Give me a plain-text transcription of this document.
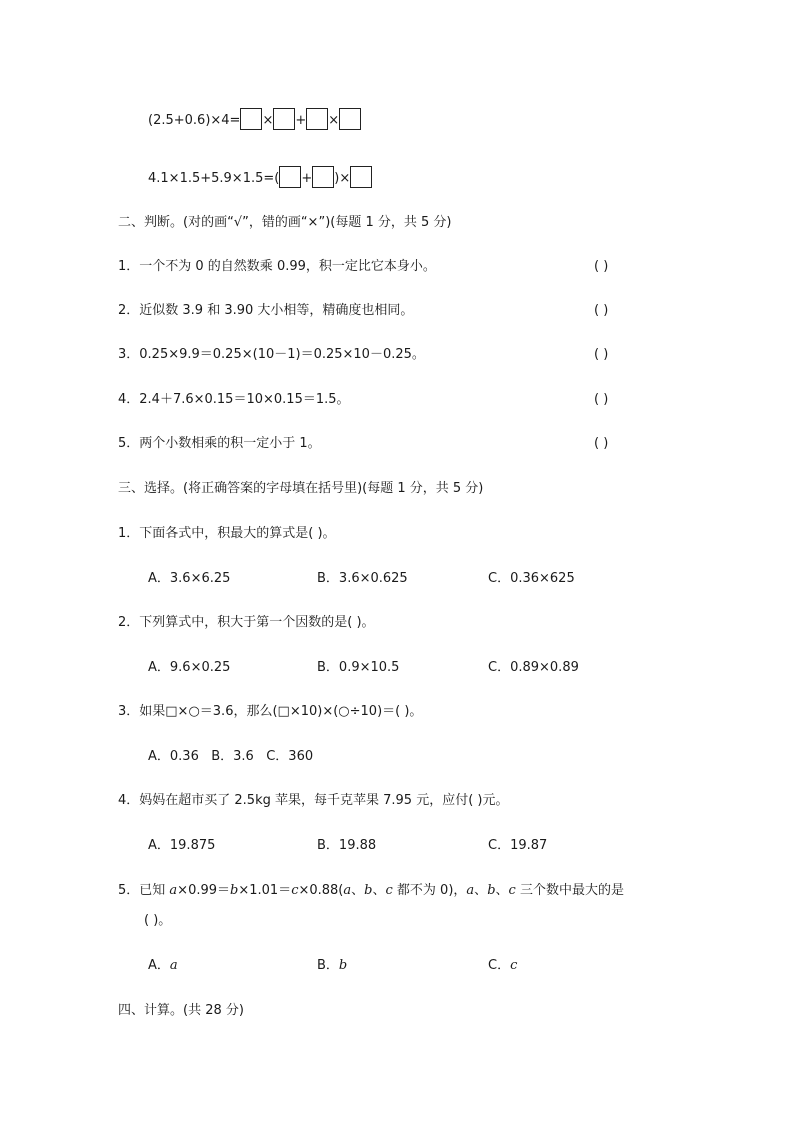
(2.5+0.6)×4= × + ×
4.1×1.5+5.9×1.5=( + )×
二、判断。(对的画“√”，错的画“×”)(每题 1 分，共 5 分)
1．一个不为 0 的自然数乘 0.99，积一定比它本身小。	( )
2．近似数 3.9 和 3.90 大小相等，精确度也相同。	( )
3．0.25×9.9＝0.25×(10－1)＝0.25×10－0.25。	( )
4．2.4＋7.6×0.15＝10×0.15＝1.5。	( )
5．两个小数相乘的积一定小于 1。	( )
三、选择。(将正确答案的字母填在括号里)(每题 1 分，共 5 分)
1．下面各式中，积最大的算式是( )。
A．3.6×6.25	B．3.6×0.625	C．0.36×625
2．下列算式中，积大于第一个因数的是( )。
A．9.6×0.25	B．0.9×10.5	C．0.89×0.89
3．如果□×○＝3.6，那么(□×10)×(○÷10)＝( )。
A．0.36   B．3.6   C．360
4．妈妈在超市买了 2.5kg 苹果，每千克苹果 7.95 元，应付( )元。
A．19.875	B．19.88	C．19.87
5．已知 a×0.99＝b×1.01＝c×0.88(a、b、c 都不为 0)，a、b、c 三个数中最大的是
( )。
A．a	B．b	C．c
四、计算。(共 28 分)
